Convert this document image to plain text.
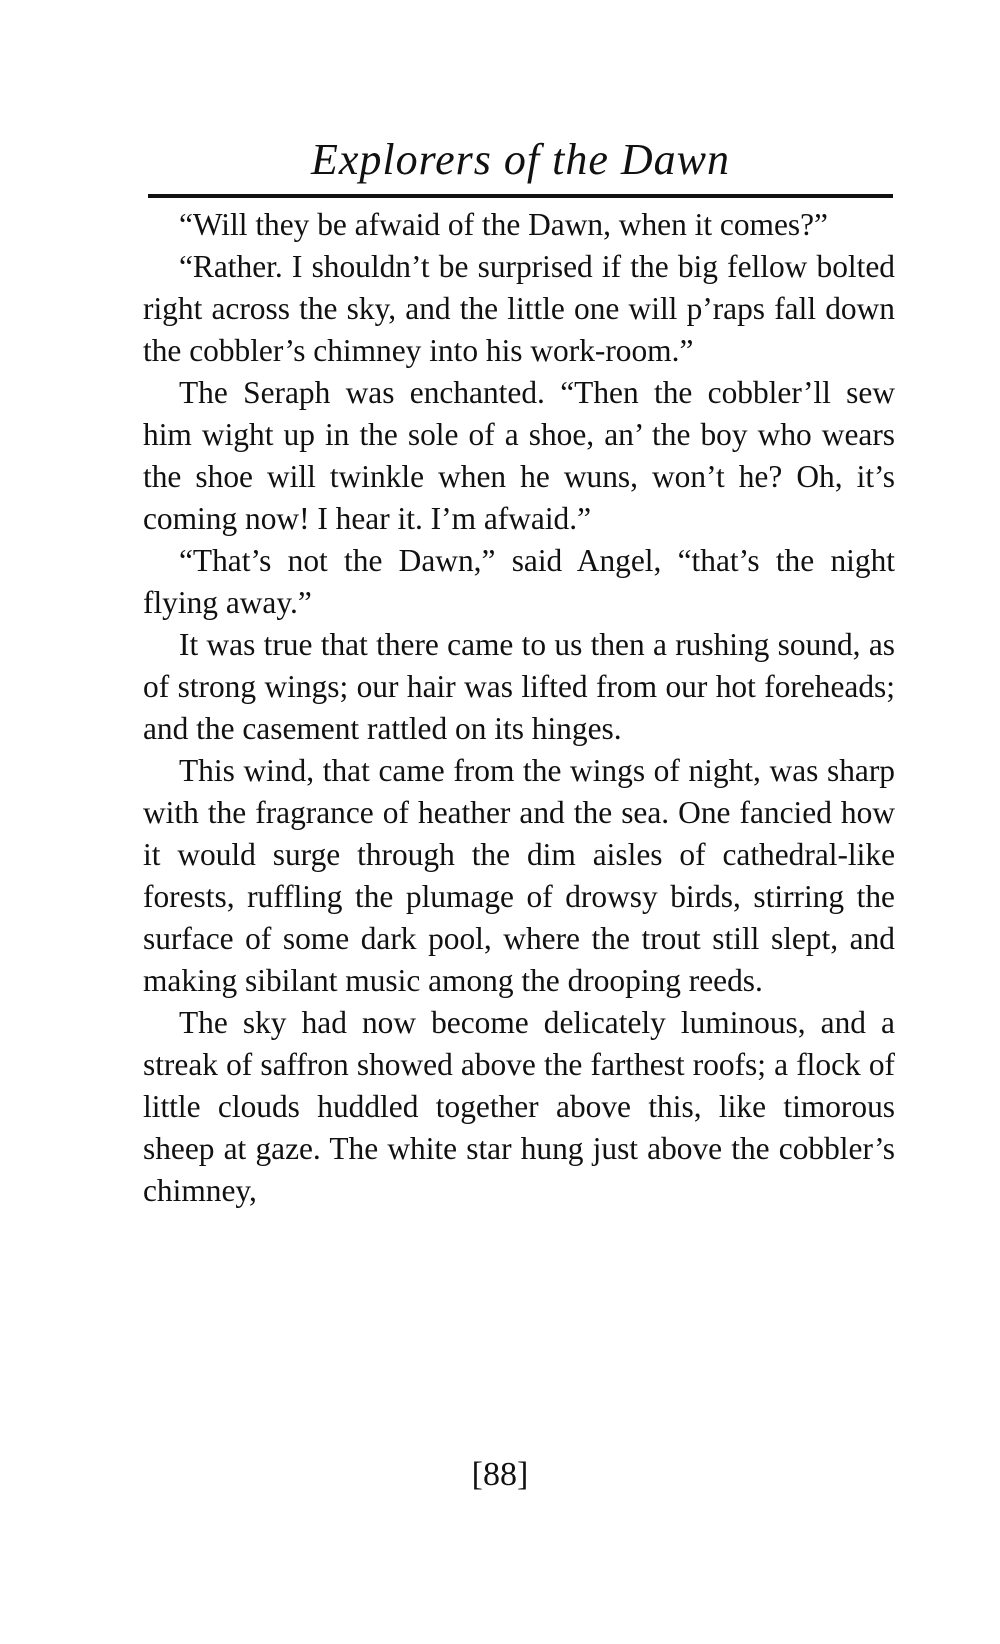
Explorers of the Dawn

“Will they be afwaid of the Dawn, when it comes?”

“Rather. I shouldn’t be surprised if the big fellow bolted right across the sky, and the little one will p’raps fall down the cobbler’s chimney into his work-room.”

The Seraph was enchanted. “Then the cobbler’ll sew him wight up in the sole of a shoe, an’ the boy who wears the shoe will twinkle when he wuns, won’t he? Oh, it’s coming now! I hear it. I’m afwaid.”

“That’s not the Dawn,” said Angel, “that’s the night flying away.”

It was true that there came to us then a rushing sound, as of strong wings; our hair was lifted from our hot foreheads; and the casement rattled on its hinges.

This wind, that came from the wings of night, was sharp with the fragrance of heather and the sea. One fancied how it would surge through the dim aisles of cathedral-like forests, ruffling the plumage of drowsy birds, stirring the surface of some dark pool, where the trout still slept, and making sibilant music among the drooping reeds.

The sky had now become delicately luminous, and a streak of saffron showed above the farthest roofs; a flock of little clouds huddled together above this, like timorous sheep at gaze. The white star hung just above the cobbler’s chimney,

[88]
